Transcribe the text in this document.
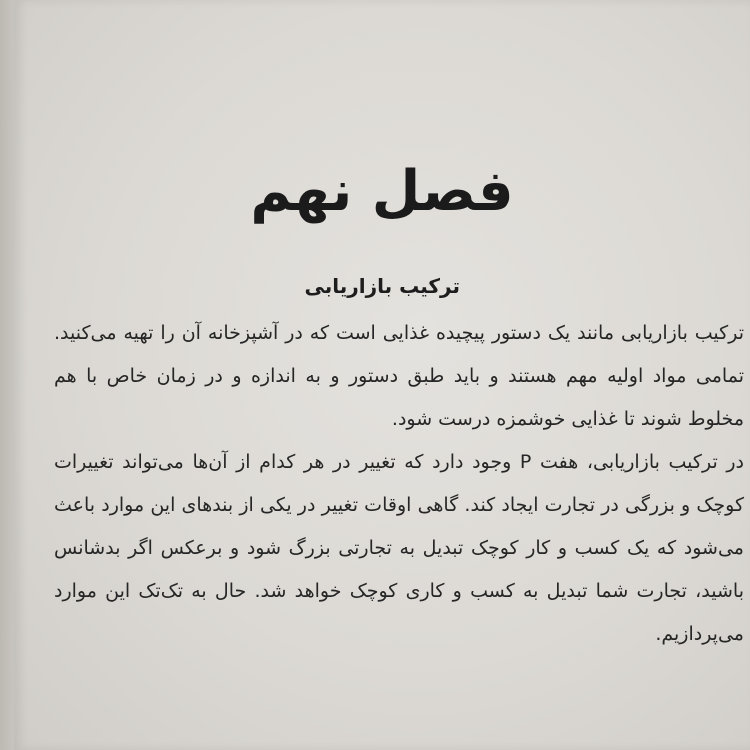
فصل نهم
ترکیب بازاریابی

ترکیب بازاریابی مانند یک دستور پیچیده غذایی است که در آشپزخانه آن را تهیه می‌کنید. تمامی مواد اولیه مهم هستند و باید طبق دستور و به اندازه و در زمان خاص با هم مخلوط شوند تا غذایی خوشمزه درست شود.

در ترکیب بازاریابی، هفت P وجود دارد که تغییر در هر کدام از آن‌ها می‌تواند تغییرات کوچک و بزرگی در تجارت ایجاد کند. گاهی اوقات تغییر در یکی از بندهای این موارد باعث می‌شود که یک کسب و کار کوچک تبدیل به تجارتی بزرگ شود و برعکس اگر بدشانس باشید، تجارت شما تبدیل به کسب و کاری کوچک خواهد شد. حال به تک‌تک این موارد می‌پردازیم.
